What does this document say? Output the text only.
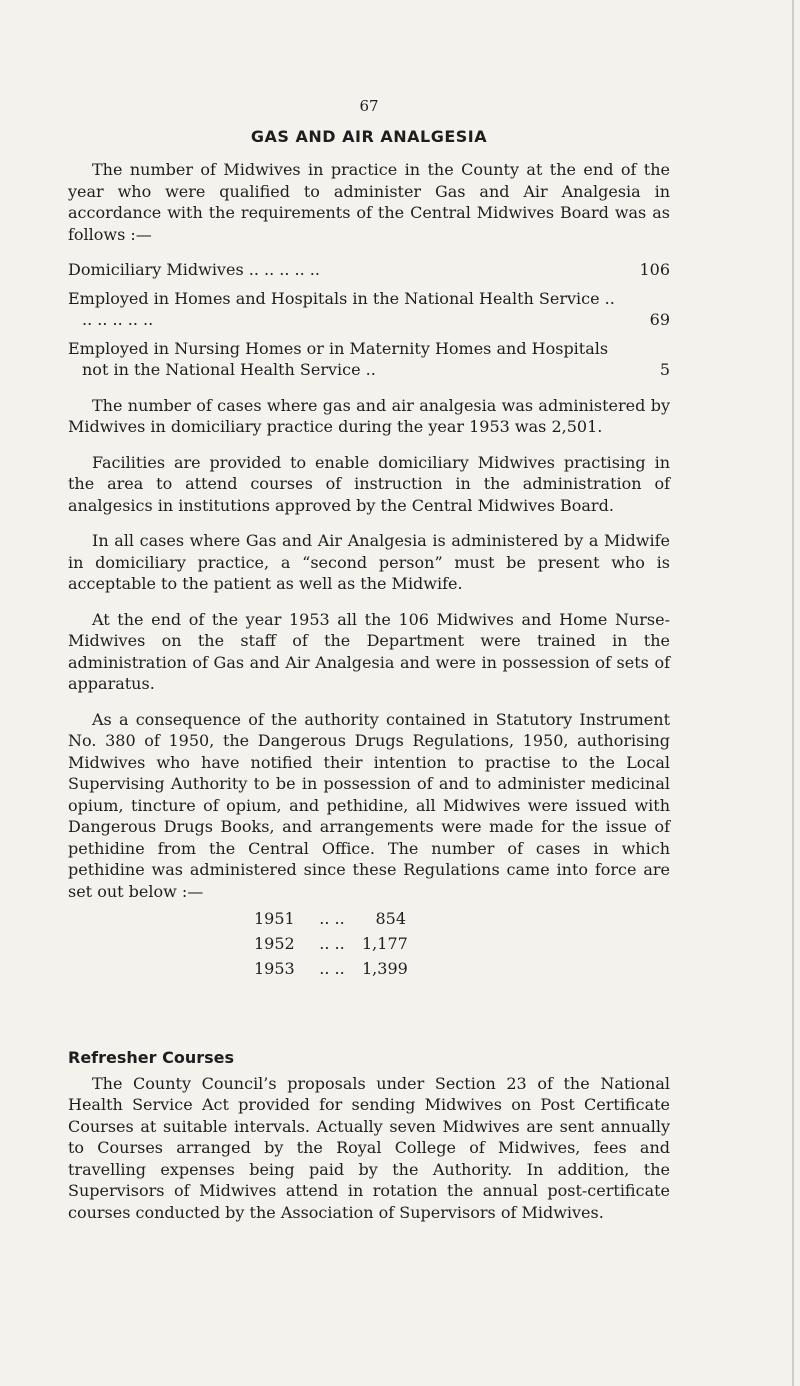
67
GAS AND AIR ANALGESIA

The number of Midwives in practice in the County at the end of the year who were qualified to administer Gas and Air Analgesia in accordance with the requirements of the Central Midwives Board was as follows :—

Domiciliary Midwives .. .. .. .. ..	106
Employed in Homes and Hospitals in the National Health Service .. .. .. .. .. ..	69
Employed in Nursing Homes or in Maternity Homes and Hospitals not in the National Health Service ..	5

The number of cases where gas and air analgesia was administered by Midwives in domiciliary practice during the year 1953 was 2,501.

Facilities are provided to enable domiciliary Midwives practising in the area to attend courses of instruction in the administration of analgesics in institutions approved by the Central Midwives Board.

In all cases where Gas and Air Analgesia is administered by a Midwife in domiciliary practice, a “second person” must be present who is acceptable to the patient as well as the Midwife.

At the end of the year 1953 all the 106 Midwives and Home Nurse-Midwives on the staff of the Department were trained in the administration of Gas and Air Analgesia and were in possession of sets of apparatus.

As a consequence of the authority contained in Statutory Instrument No. 380 of 1950, the Dangerous Drugs Regulations, 1950, authorising Midwives who have notified their intention to practise to the Local Supervising Authority to be in possession of and to administer medicinal opium, tincture of opium, and pethidine, all Midwives were issued with Dangerous Drugs Books, and arrangements were made for the issue of pethidine from the Central Office. The number of cases in which pethidine was administered since these Regulations came into force are set out below :—

1951	.. ..	854
1952	.. ..	1,177
1953	.. ..	1,399
Refresher Courses

The County Council’s proposals under Section 23 of the National Health Service Act provided for sending Midwives on Post Certificate Courses at suitable intervals. Actually seven Midwives are sent annually to Courses arranged by the Royal College of Midwives, fees and travelling expenses being paid by the Authority. In addition, the Supervisors of Midwives attend in rotation the annual post-certificate courses conducted by the Association of Supervisors of Midwives.
